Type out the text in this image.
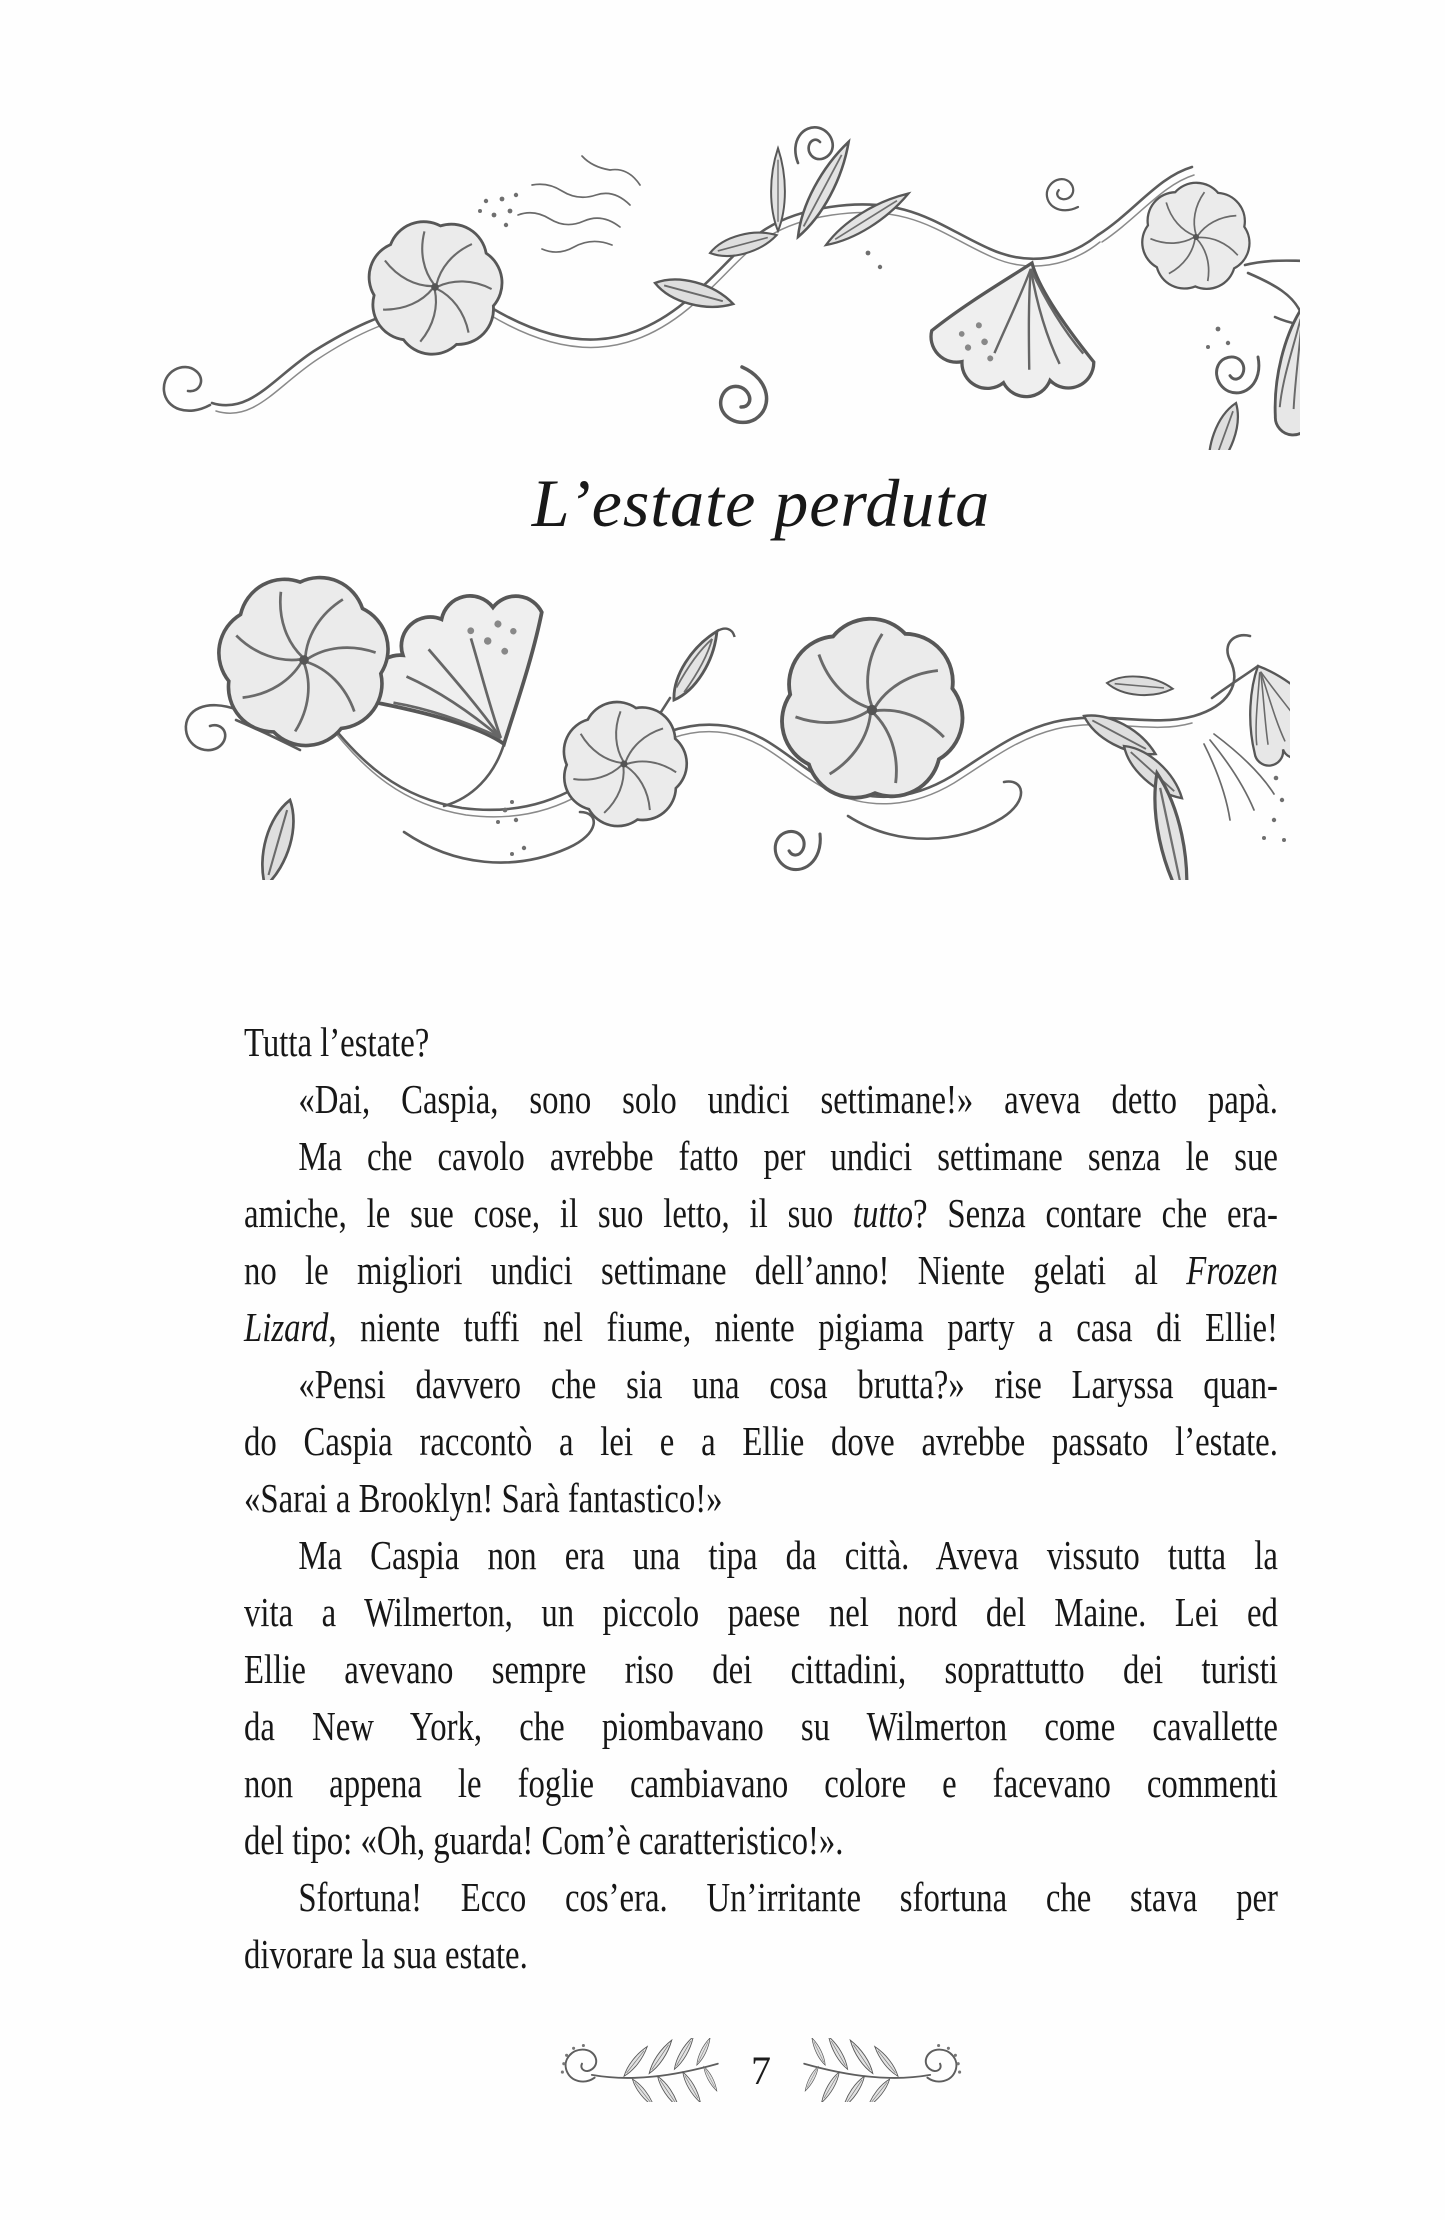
L’estate perduta
Tutta l’estate?
«Dai, Caspia, sono solo undici settimane!» aveva detto papà.
Ma che cavolo avrebbe fatto per undici settimane senza le sue
amiche, le sue cose, il suo letto, il suo tutto? Senza contare che era-
no le migliori undici settimane dell’anno! Niente gelati al Frozen
Lizard, niente tuffi nel fiume, niente pigiama party a casa di Ellie!
«Pensi davvero che sia una cosa brutta?» rise Laryssa quan-
do Caspia raccontò a lei e a Ellie dove avrebbe passato l’estate.
«Sarai a Brooklyn! Sarà fantastico!»
Ma Caspia non era una tipa da città. Aveva vissuto tutta la
vita a Wilmerton, un piccolo paese nel nord del Maine. Lei ed
Ellie avevano sempre riso dei cittadini, soprattutto dei turisti
da New York, che piombavano su Wilmerton come cavallette
non appena le foglie cambiavano colore e facevano commenti
del tipo: «Oh, guarda! Com’è caratteristico!».
Sfortuna! Ecco cos’era. Un’irritante sfortuna che stava per
divorare la sua estate.
7
